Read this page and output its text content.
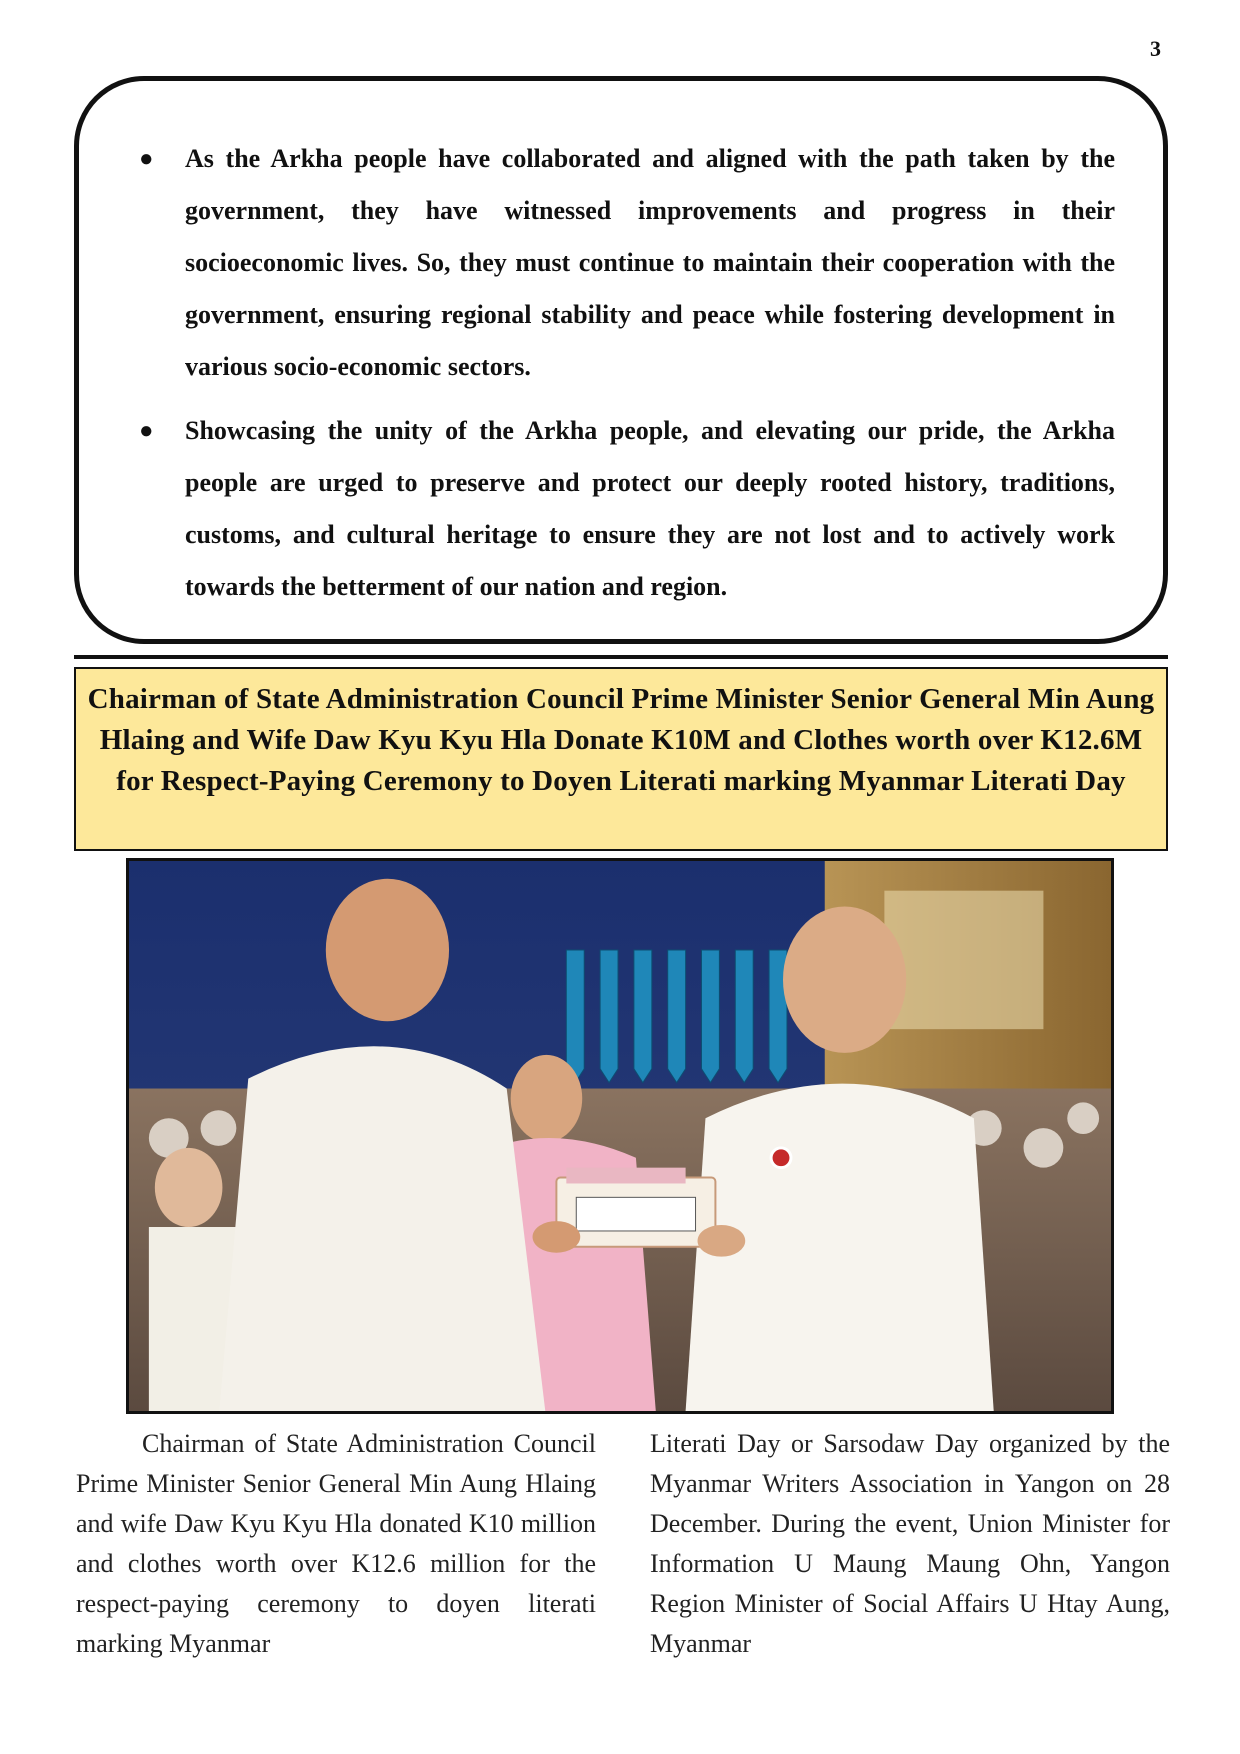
3
● As the Arkha people have collaborated and aligned with the path taken by the government, they have witnessed improvements and progress in their socioeconomic lives. So, they must continue to maintain their cooperation with the government, ensuring regional stability and peace while fostering development in various socio-economic sectors.
● Showcasing the unity of the Arkha people, and elevating our pride, the Arkha people are urged to preserve and protect our deeply rooted history, traditions, customs, and cultural heritage to ensure they are not lost and to actively work towards the betterment of our nation and region.
Chairman of State Administration Council Prime Minister Senior General Min Aung Hlaing and Wife Daw Kyu Kyu Hla Donate K10M and Clothes worth over K12.6M for Respect-Paying Ceremony to Doyen Literati marking Myanmar Literati Day

Chairman of State Administration Council Prime Minister Senior General Min Aung Hlaing and wife Daw Kyu Kyu Hla donated K10 million and clothes worth over K12.6 million for the respect-paying ceremony to doyen literati marking Myanmar

Literati Day or Sarsodaw Day organized by the Myanmar Writers Association in Yangon on 28 December. During the event, Union Minister for Information U Maung Maung Ohn, Yangon Region Minister of Social Affairs U Htay Aung, Myanmar
